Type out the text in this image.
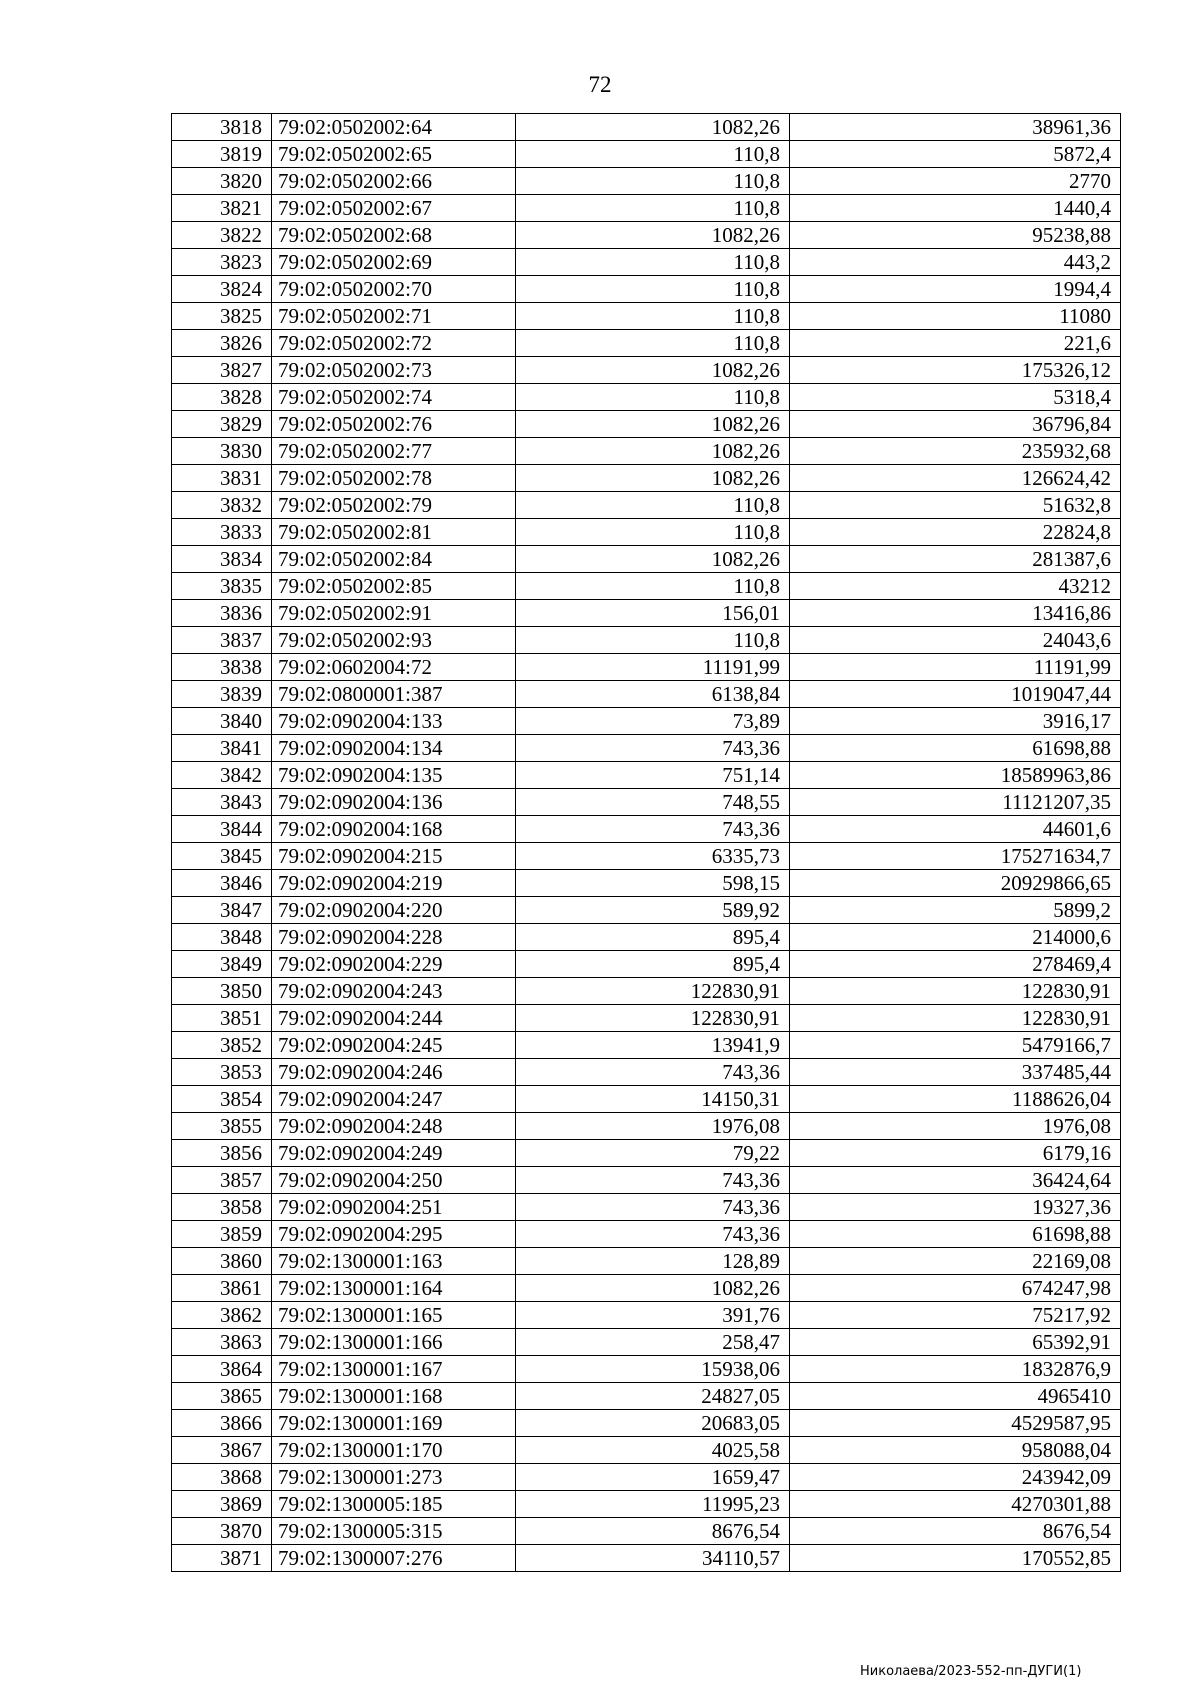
72
3818	79:02:0502002:64	1082,26	38961,36
3819	79:02:0502002:65	110,8	5872,4
3820	79:02:0502002:66	110,8	2770
3821	79:02:0502002:67	110,8	1440,4
3822	79:02:0502002:68	1082,26	95238,88
3823	79:02:0502002:69	110,8	443,2
3824	79:02:0502002:70	110,8	1994,4
3825	79:02:0502002:71	110,8	11080
3826	79:02:0502002:72	110,8	221,6
3827	79:02:0502002:73	1082,26	175326,12
3828	79:02:0502002:74	110,8	5318,4
3829	79:02:0502002:76	1082,26	36796,84
3830	79:02:0502002:77	1082,26	235932,68
3831	79:02:0502002:78	1082,26	126624,42
3832	79:02:0502002:79	110,8	51632,8
3833	79:02:0502002:81	110,8	22824,8
3834	79:02:0502002:84	1082,26	281387,6
3835	79:02:0502002:85	110,8	43212
3836	79:02:0502002:91	156,01	13416,86
3837	79:02:0502002:93	110,8	24043,6
3838	79:02:0602004:72	11191,99	11191,99
3839	79:02:0800001:387	6138,84	1019047,44
3840	79:02:0902004:133	73,89	3916,17
3841	79:02:0902004:134	743,36	61698,88
3842	79:02:0902004:135	751,14	18589963,86
3843	79:02:0902004:136	748,55	11121207,35
3844	79:02:0902004:168	743,36	44601,6
3845	79:02:0902004:215	6335,73	175271634,7
3846	79:02:0902004:219	598,15	20929866,65
3847	79:02:0902004:220	589,92	5899,2
3848	79:02:0902004:228	895,4	214000,6
3849	79:02:0902004:229	895,4	278469,4
3850	79:02:0902004:243	122830,91	122830,91
3851	79:02:0902004:244	122830,91	122830,91
3852	79:02:0902004:245	13941,9	5479166,7
3853	79:02:0902004:246	743,36	337485,44
3854	79:02:0902004:247	14150,31	1188626,04
3855	79:02:0902004:248	1976,08	1976,08
3856	79:02:0902004:249	79,22	6179,16
3857	79:02:0902004:250	743,36	36424,64
3858	79:02:0902004:251	743,36	19327,36
3859	79:02:0902004:295	743,36	61698,88
3860	79:02:1300001:163	128,89	22169,08
3861	79:02:1300001:164	1082,26	674247,98
3862	79:02:1300001:165	391,76	75217,92
3863	79:02:1300001:166	258,47	65392,91
3864	79:02:1300001:167	15938,06	1832876,9
3865	79:02:1300001:168	24827,05	4965410
3866	79:02:1300001:169	20683,05	4529587,95
3867	79:02:1300001:170	4025,58	958088,04
3868	79:02:1300001:273	1659,47	243942,09
3869	79:02:1300005:185	11995,23	4270301,88
3870	79:02:1300005:315	8676,54	8676,54
3871	79:02:1300007:276	34110,57	170552,85
Николаева/2023-552-пп-ДУГИ(1)
